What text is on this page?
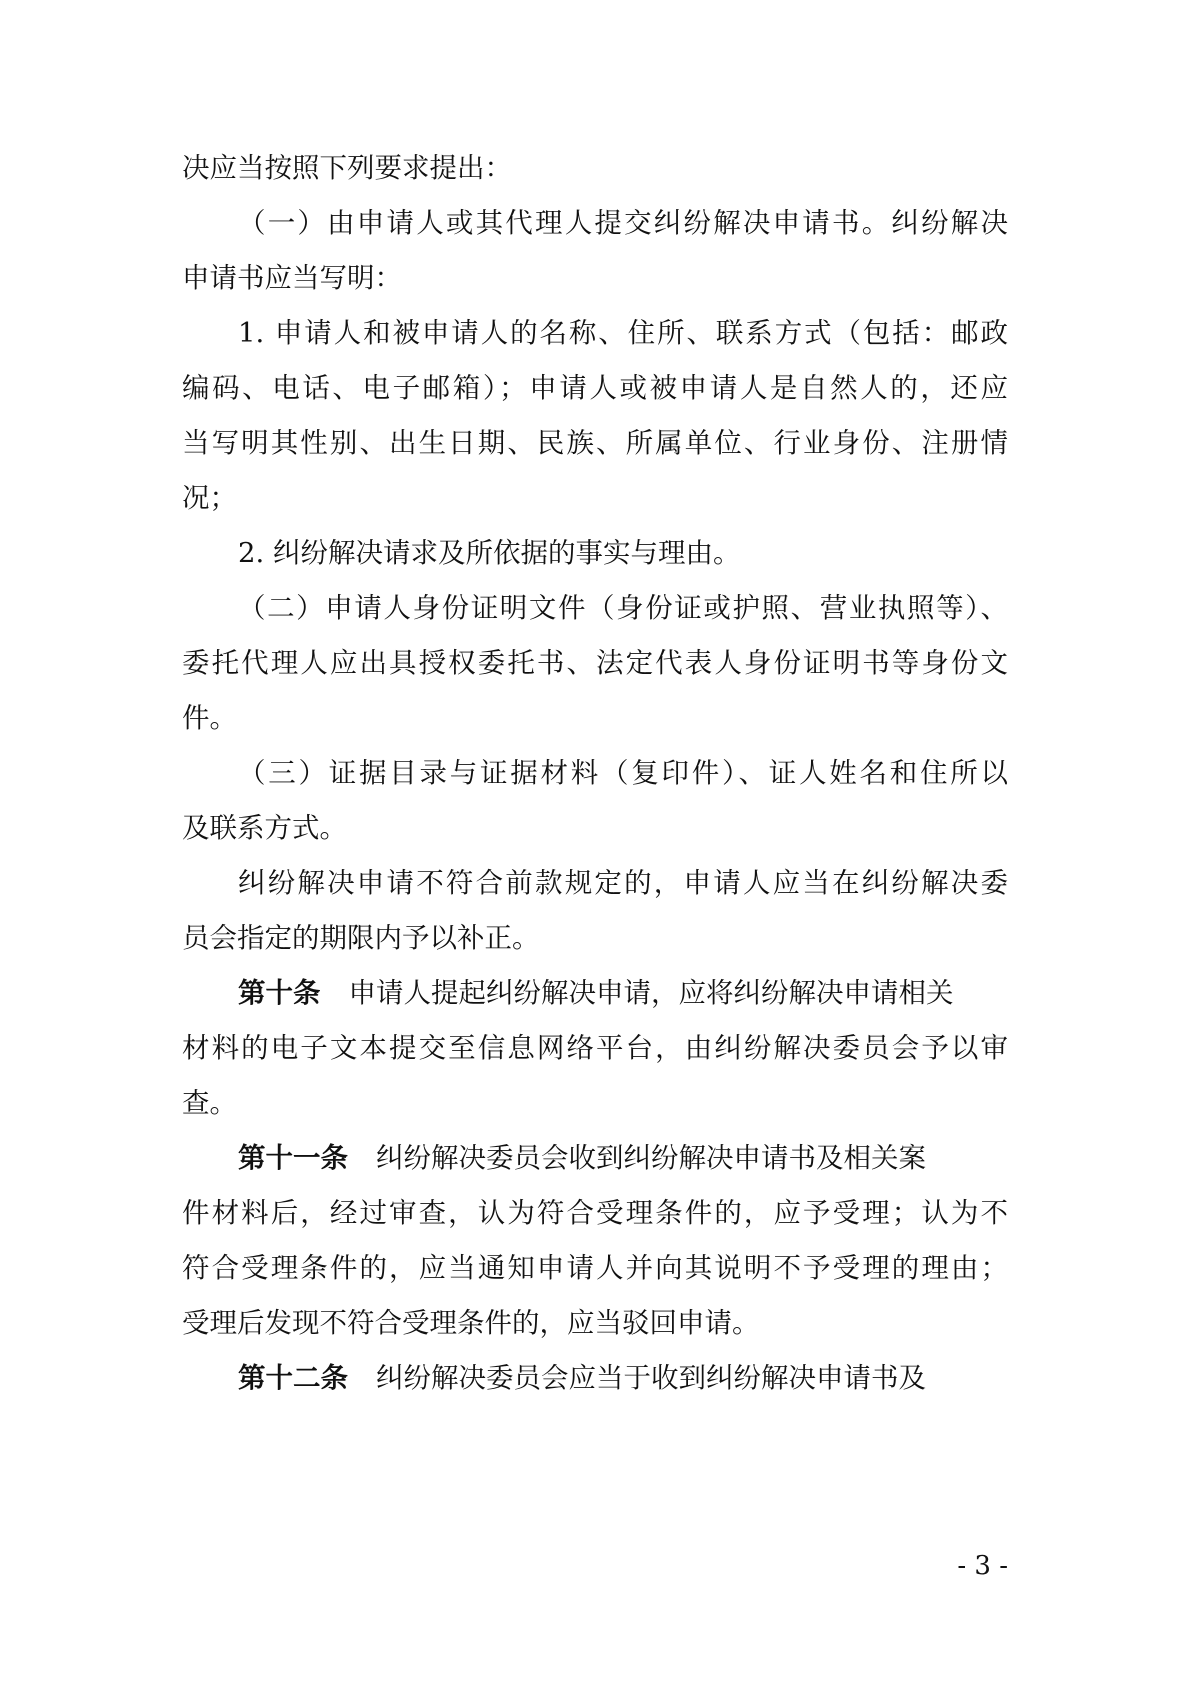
决应当按照下列要求提出：
（一）由申请人或其代理人提交纠纷解决申请书。纠纷解决
申请书应当写明：
1. 申请人和被申请人的名称、住所、联系方式（包括：邮政
编码、电话、电子邮箱）；申请人或被申请人是自然人的，还应
当写明其性别、出生日期、民族、所属单位、行业身份、注册情
况；
2. 纠纷解决请求及所依据的事实与理由。
（二）申请人身份证明文件（身份证或护照、营业执照等）、
委托代理人应出具授权委托书、法定代表人身份证明书等身份文
件。
（三）证据目录与证据材料（复印件）、证人姓名和住所以
及联系方式。
纠纷解决申请不符合前款规定的，申请人应当在纠纷解决委
员会指定的期限内予以补正。
第十条 申请人提起纠纷解决申请，应将纠纷解决申请相关
材料的电子文本提交至信息网络平台，由纠纷解决委员会予以审
查。
第十一条 纠纷解决委员会收到纠纷解决申请书及相关案
件材料后，经过审查，认为符合受理条件的，应予受理；认为不
符合受理条件的，应当通知申请人并向其说明不予受理的理由；
受理后发现不符合受理条件的，应当驳回申请。
第十二条 纠纷解决委员会应当于收到纠纷解决申请书及
- 3 -
